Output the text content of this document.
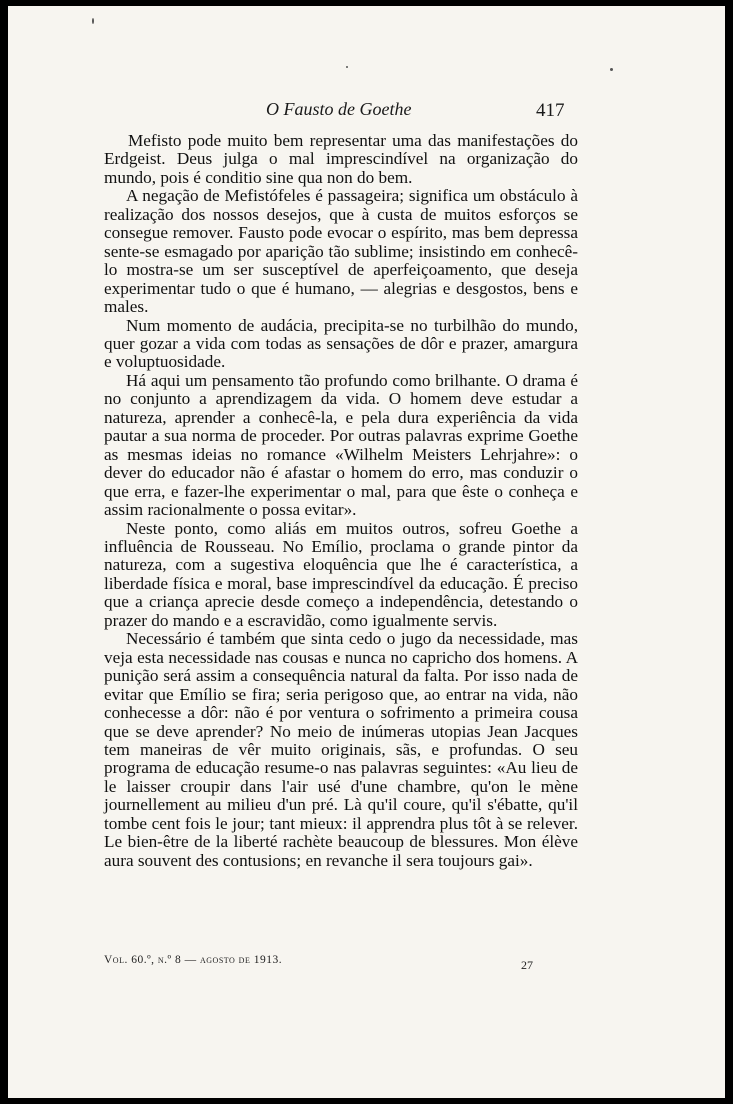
O Fausto de Goethe	417

Mefisto pode muito bem representar uma das manifestações do Erdgeist. Deus julga o mal imprescindível na organização do mundo, pois é conditio sine qua non do bem.

A negação de Mefistófeles é passageira; significa um obstáculo à realização dos nossos desejos, que à custa de muitos esforços se consegue remover. Fausto pode evocar o espírito, mas bem depressa sente-se esmagado por aparição tão sublime; insistindo em conhecê-lo mostra-se um ser susceptível de aperfeiçoamento, que deseja experimentar tudo o que é humano, — alegrias e desgostos, bens e males.

Num momento de audácia, precipita-se no turbilhão do mundo, quer gozar a vida com todas as sensações de dôr e prazer, amargura e voluptuosidade.

Há aqui um pensamento tão profundo como brilhante. O drama é no conjunto a aprendizagem da vida. O homem deve estudar a natureza, aprender a conhecê-la, e pela dura experiência da vida pautar a sua norma de proceder. Por outras palavras exprime Goethe as mesmas ideias no romance «Wilhelm Meisters Lehrjahre»: o dever do educador não é afastar o homem do erro, mas conduzir o que erra, e fazer-lhe experimentar o mal, para que êste o conheça e assim racionalmente o possa evitar».

Neste ponto, como aliás em muitos outros, sofreu Goethe a influência de Rousseau. No Emílio, proclama o grande pintor da natureza, com a sugestiva eloquência que lhe é característica, a liberdade física e moral, base imprescindível da educação. É preciso que a criança aprecie desde começo a independência, detestando o prazer do mando e a escravidão, como igualmente servis.

Necessário é também que sinta cedo o jugo da necessidade, mas veja esta necessidade nas cousas e nunca no capricho dos homens. A punição será assim a consequência natural da falta. Por isso nada de evitar que Emílio se fira; seria perigoso que, ao entrar na vida, não conhecesse a dôr: não é por ventura o sofrimento a primeira cousa que se deve aprender? No meio de inúmeras utopias Jean Jacques tem maneiras de vêr muito originais, sãs, e profundas. O seu programa de educação resume-o nas palavras seguintes: «Au lieu de le laisser croupir dans l'air usé d'une chambre, qu'on le mène journellement au milieu d'un pré. Là qu'il coure, qu'il s'ébatte, qu'il tombe cent fois le jour; tant mieux: il apprendra plus tôt à se relever. Le bien-être de la liberté rachète beaucoup de blessures. Mon élève aura souvent des contusions; en revanche il sera toujours gai».

Vol. 60.º, n.º 8 — agosto de 1913.	27
